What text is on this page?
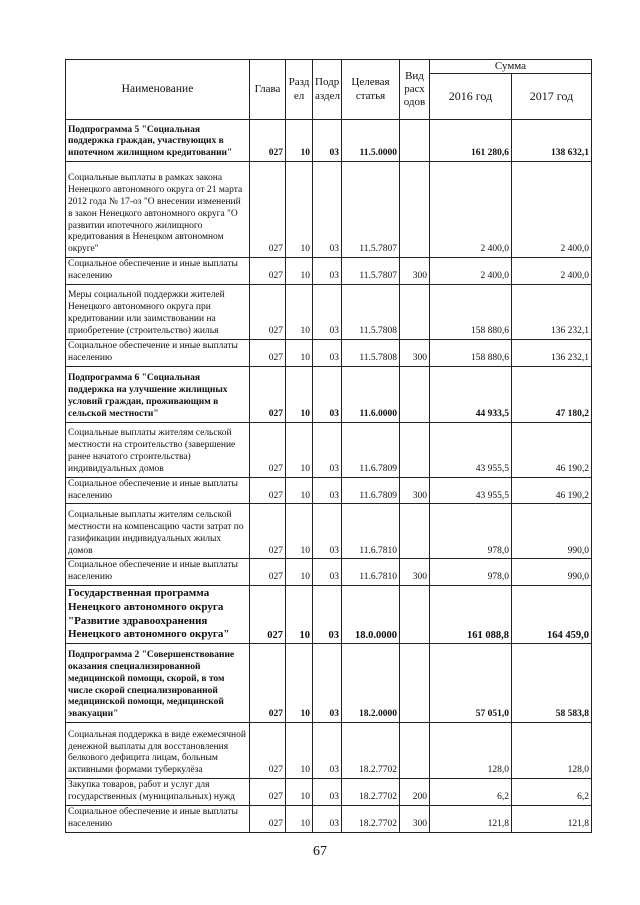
Наименование	Глава	Разд ел	Подр аздел	Целевая статья	Вид расх одов	Сумма	
						2016 год	2017 год
Подпрограмма 5 "Социальная поддержка граждан, участвующих в ипотечном жилищном кредитовании"	027	10	03	11.5.0000		161 280,6	138 632,1
Социальные выплаты в рамках закона Ненецкого автономного округа от 21 марта 2012 года № 17-оз "О внесении изменений в закон Ненецкого автономного округа "О развитии ипотечного жилищного кредитования в Ненецком автономном округе"	027	10	03	11.5.7807		2 400,0	2 400,0
Социальное обеспечение и иные выплаты населению	027	10	03	11.5.7807	300	2 400,0	2 400,0
Меры социальной поддержки жителей Ненецкого автономного округа при кредитовании или заимствовании на приобретение (строительство) жилья	027	10	03	11.5.7808		158 880,6	136 232,1
Социальное обеспечение и иные выплаты населению	027	10	03	11.5.7808	300	158 880,6	136 232,1
Подпрограмма 6 "Социальная поддержка на улучшение жилищных условий граждан, проживающим в сельской местности"	027	10	03	11.6.0000		44 933,5	47 180,2
Социальные выплаты жителям сельской местности на строительство (завершение ранее начатого строительства) индивидуальных домов	027	10	03	11.6.7809		43 955,5	46 190,2
Социальное обеспечение и иные выплаты населению	027	10	03	11.6.7809	300	43 955,5	46 190,2
Социальные выплаты жителям сельской местности на компенсацию части затрат по газификации индивидуальных жилых домов	027	10	03	11.6.7810		978,0	990,0
Социальное обеспечение и иные выплаты населению	027	10	03	11.6.7810	300	978,0	990,0
Государственная программа Ненецкого автономного округа "Развитие здравоохранения Ненецкого автономного округа"	027	10	03	18.0.0000		161 088,8	164 459,0
Подпрограмма 2 "Совершенствование оказания специализированной медицинской помощи, скорой, в том числе скорой специализированной медицинской помощи, медицинской эвакуации"	027	10	03	18.2.0000		57 051,0	58 583,8
Социальная поддержка в виде ежемесячной денежной выплаты для восстановления белкового дефицита лицам, больным активными формами туберкулёза	027	10	03	18.2.7702		128,0	128,0
Закупка товаров, работ и услуг для государственных (муниципальных) нужд	027	10	03	18.2.7702	200	6,2	6,2
Социальное обеспечение и иные выплаты населению	027	10	03	18.2.7702	300	121,8	121,8
67
